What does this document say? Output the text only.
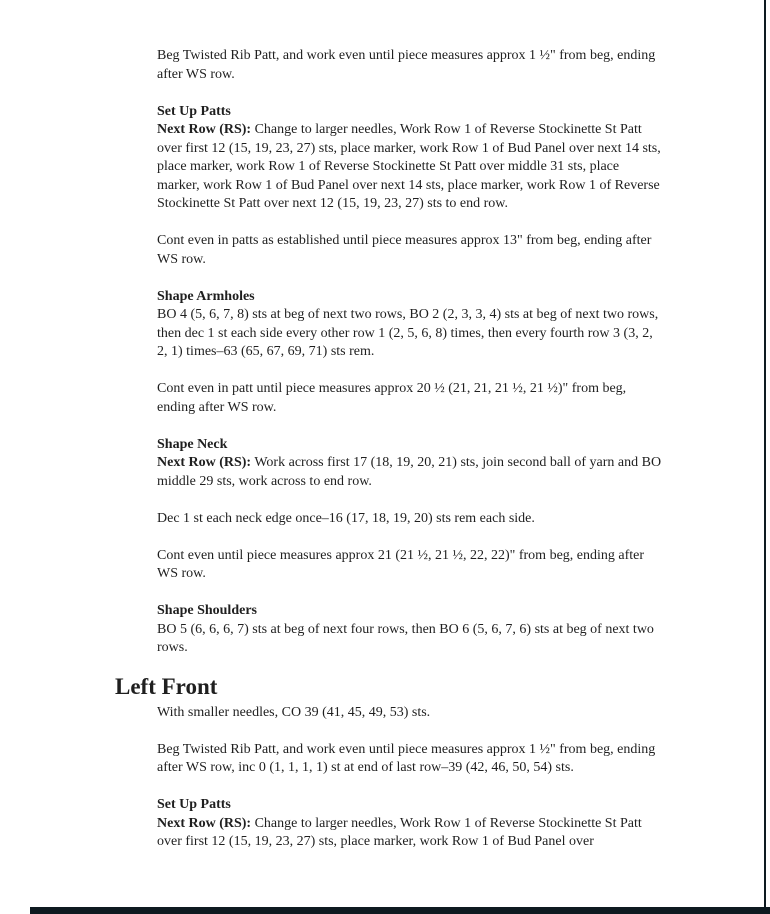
Beg Twisted Rib Patt, and work even until piece measures approx 1 ½" from beg, ending after WS row.

Set Up Patts

Next Row (RS): Change to larger needles, Work Row 1 of Reverse Stockinette St Patt over first 12 (15, 19, 23, 27) sts, place marker, work Row 1 of Bud Panel over next 14 sts, place marker, work Row 1 of Reverse Stockinette St Patt over middle 31 sts, place marker, work Row 1 of Bud Panel over next 14 sts, place marker, work Row 1 of Reverse Stockinette St Patt over next 12 (15, 19, 23, 27) sts to end row.

Cont even in patts as established until piece measures approx 13" from beg, ending after WS row.

Shape Armholes

BO 4 (5, 6, 7, 8) sts at beg of next two rows, BO 2 (2, 3, 3, 4) sts at beg of next two rows, then dec 1 st each side every other row 1 (2, 5, 6, 8) times, then every fourth row 3 (3, 2, 2, 1) times–63 (65, 67, 69, 71) sts rem.

Cont even in patt until piece measures approx 20 ½ (21, 21, 21 ½, 21 ½)" from beg, ending after WS row.

Shape Neck

Next Row (RS): Work across first 17 (18, 19, 20, 21) sts, join second ball of yarn and BO middle 29 sts, work across to end row.

Dec 1 st each neck edge once–16 (17, 18, 19, 20) sts rem each side.

Cont even until piece measures approx 21 (21 ½, 21 ½, 22, 22)" from beg, ending after WS row.

Shape Shoulders

BO 5 (6, 6, 6, 7) sts at beg of next four rows, then BO 6 (5, 6, 7, 6) sts at beg of next two rows.

Left Front

With smaller needles, CO 39 (41, 45, 49, 53) sts.

Beg Twisted Rib Patt, and work even until piece measures approx 1 ½" from beg, ending after WS row, inc 0 (1, 1, 1, 1) st at end of last row–39 (42, 46, 50, 54) sts.

Set Up Patts

Next Row (RS): Change to larger needles, Work Row 1 of Reverse Stockinette St Patt over first 12 (15, 19, 23, 27) sts, place marker, work Row 1 of Bud Panel over
